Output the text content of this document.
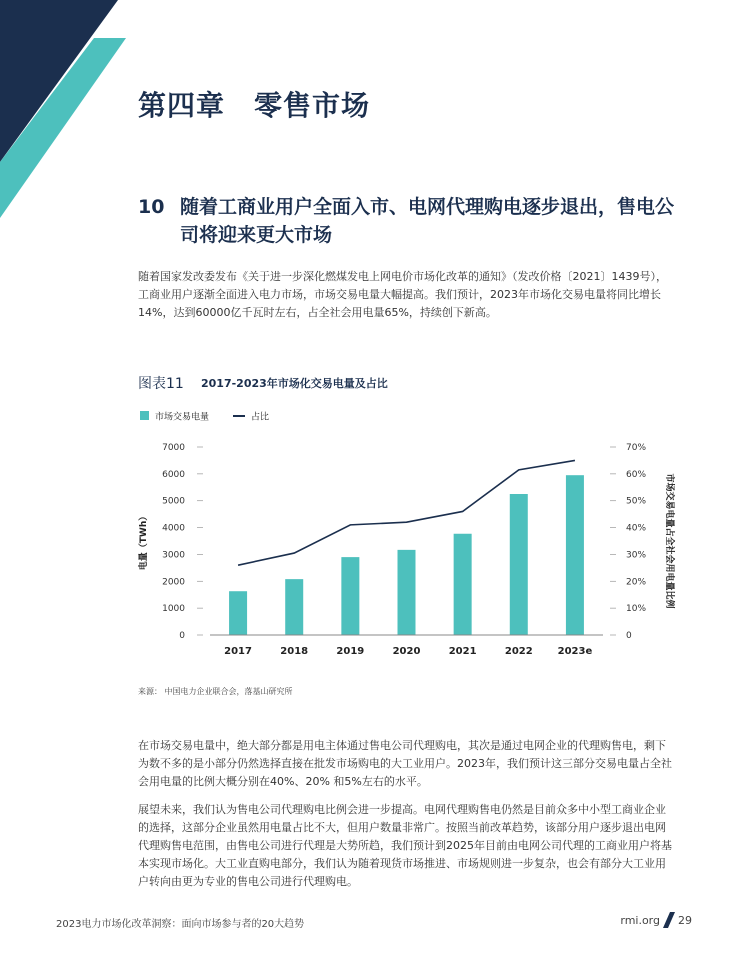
第四章　零售市场
10 随着工商业用户全面入市、电网代理购电逐步退出，售电公司将迎来更大市场
随着国家发改委发布《关于进一步深化燃煤发电上网电价市场化改革的通知》（发改价格〔2021〕1439号），工商业用户逐渐全面进入电力市场，市场交易电量大幅提高。我们预计，2023年市场化交易电量将同比增长14%，达到60000亿千瓦时左右，占全社会用电量65%，持续创下新高。
图表11 2017-2023年市场化交易电量及占比
市场交易电量	占比
0
1000
2000
3000
4000
5000
6000
7000
0
10%
20%
30%
40%
50%
60%
70%
电量（TWh）	市场交易电量占全社会用电量比例
2017	2018	2019	2020	2021	2022 2023e
来源： 中国电力企业联合会，落基山研究所
在市场交易电量中，绝大部分都是用电主体通过售电公司代理购电，其次是通过电网企业的代理购售电，剩下为数不多的是小部分仍然选择直接在批发市场购电的大工业用户。2023年，我们预计这三部分交易电量占全社会用电量的比例大概分别在40%、20% 和5%左右的水平。
展望未来，我们认为售电公司代理购电比例会进一步提高。电网代理购售电仍然是目前众多中小型工商业企业的选择，这部分企业虽然用电量占比不大，但用户数量非常广。按照当前改革趋势，该部分用户逐步退出电网代理购售电范围，由售电公司进行代理是大势所趋，我们预计到2025年目前由电网公司代理的工商业用户将基本实现市场化。大工业直购电部分，我们认为随着现货市场推进、市场规则进一步复杂，也会有部分大工业用户转向由更为专业的售电公司进行代理购电。
2023电力市场化改革洞察：面向市场参与者的20大趋势	rmi.org 29
